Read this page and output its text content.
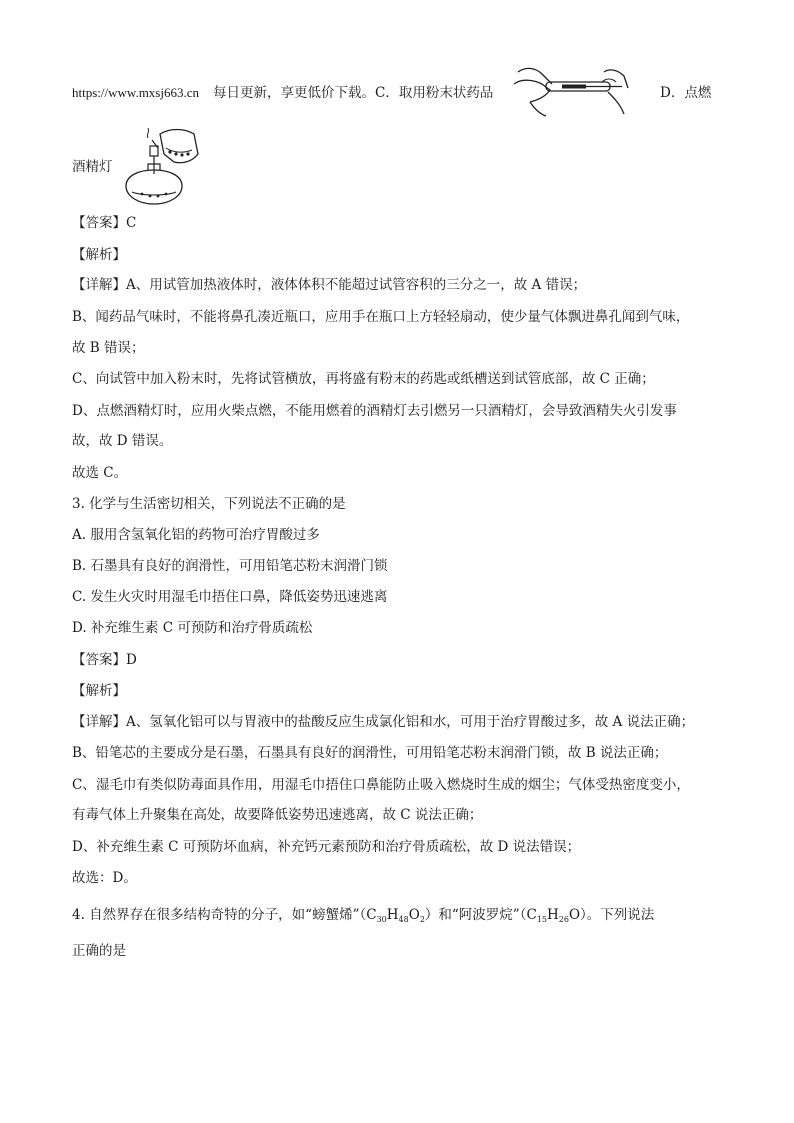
https://www.mxsj663.cn 每日更新，享更低价下载。C．取用粉末状药品	D．点燃
酒精灯
【答案】C
【解析】
【详解】A、用试管加热液体时，液体体积不能超过试管容积的三分之一，故 A 错误；
B、闻药品气味时，不能将鼻孔凑近瓶口，应用手在瓶口上方轻轻扇动，使少量气体飘进鼻孔闻到气味，
故 B 错误；
C、向试管中加入粉末时，先将试管横放，再将盛有粉末的药匙或纸槽送到试管底部，故 C 正确；
D、点燃酒精灯时，应用火柴点燃，不能用燃着的酒精灯去引燃另一只酒精灯，会导致酒精失火引发事
故，故 D 错误。
故选 C。
3. 化学与生活密切相关，下列说法不正确的是
A. 服用含氢氧化铝的药物可治疗胃酸过多
B. 石墨具有良好的润滑性，可用铅笔芯粉末润滑门锁
C. 发生火灾时用湿毛巾捂住口鼻，降低姿势迅速逃离
D. 补充维生素 C 可预防和治疗骨质疏松
【答案】D
【解析】
【详解】A、氢氧化铝可以与胃液中的盐酸反应生成氯化铝和水，可用于治疗胃酸过多，故 A 说法正确；
B、铅笔芯的主要成分是石墨，石墨具有良好的润滑性，可用铅笔芯粉末润滑门锁，故 B 说法正确；
C、湿毛巾有类似防毒面具作用，用湿毛巾捂住口鼻能防止吸入燃烧时生成的烟尘；气体受热密度变小，
有毒气体上升聚集在高处，故要降低姿势迅速逃离，故 C 说法正确；
D、补充维生素 C 可预防坏血病，补充钙元素预防和治疗骨质疏松，故 D 说法错误；
故选：D。
4. 自然界存在很多结构奇特的分子，如“螃蟹烯$”(C_{30}H_{48}O_2)$和“阿波罗烷$”(C_{15}H_{26}O)$。下列说法
正确的是
